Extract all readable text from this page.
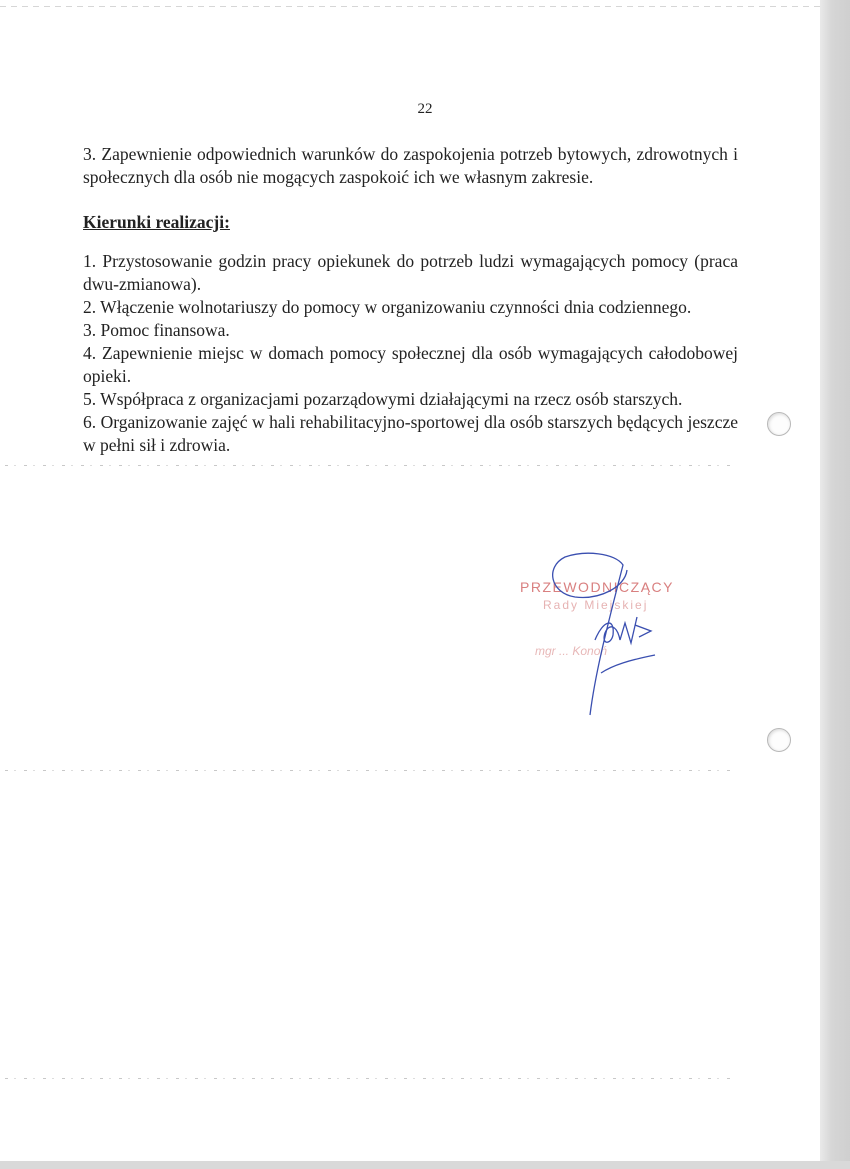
22

3. Zapewnienie odpowiednich warunków do zaspokojenia potrzeb bytowych, zdrowotnych i społecznych dla osób nie mogących zaspokoić ich we własnym zakresie.

Kierunki realizacji:
1. Przystosowanie godzin pracy opiekunek do potrzeb ludzi wymagających pomocy (praca dwu-zmianowa).
2. Włączenie wolnotariuszy do pomocy w organizowaniu czynności dnia codziennego.
3. Pomoc finansowa.
4. Zapewnienie miejsc w domach pomocy społecznej dla osób wymagających całodobowej opieki.
5. Współpraca z organizacjami pozarządowymi działającymi na rzecz osób starszych.
6. Organizowanie zajęć w hali rehabilitacyjno-sportowej dla osób starszych będących jeszcze w pełni sił i zdrowia.
PRZEWODNICZĄCY
Rady Miejskiej
mgr ... Konoń
